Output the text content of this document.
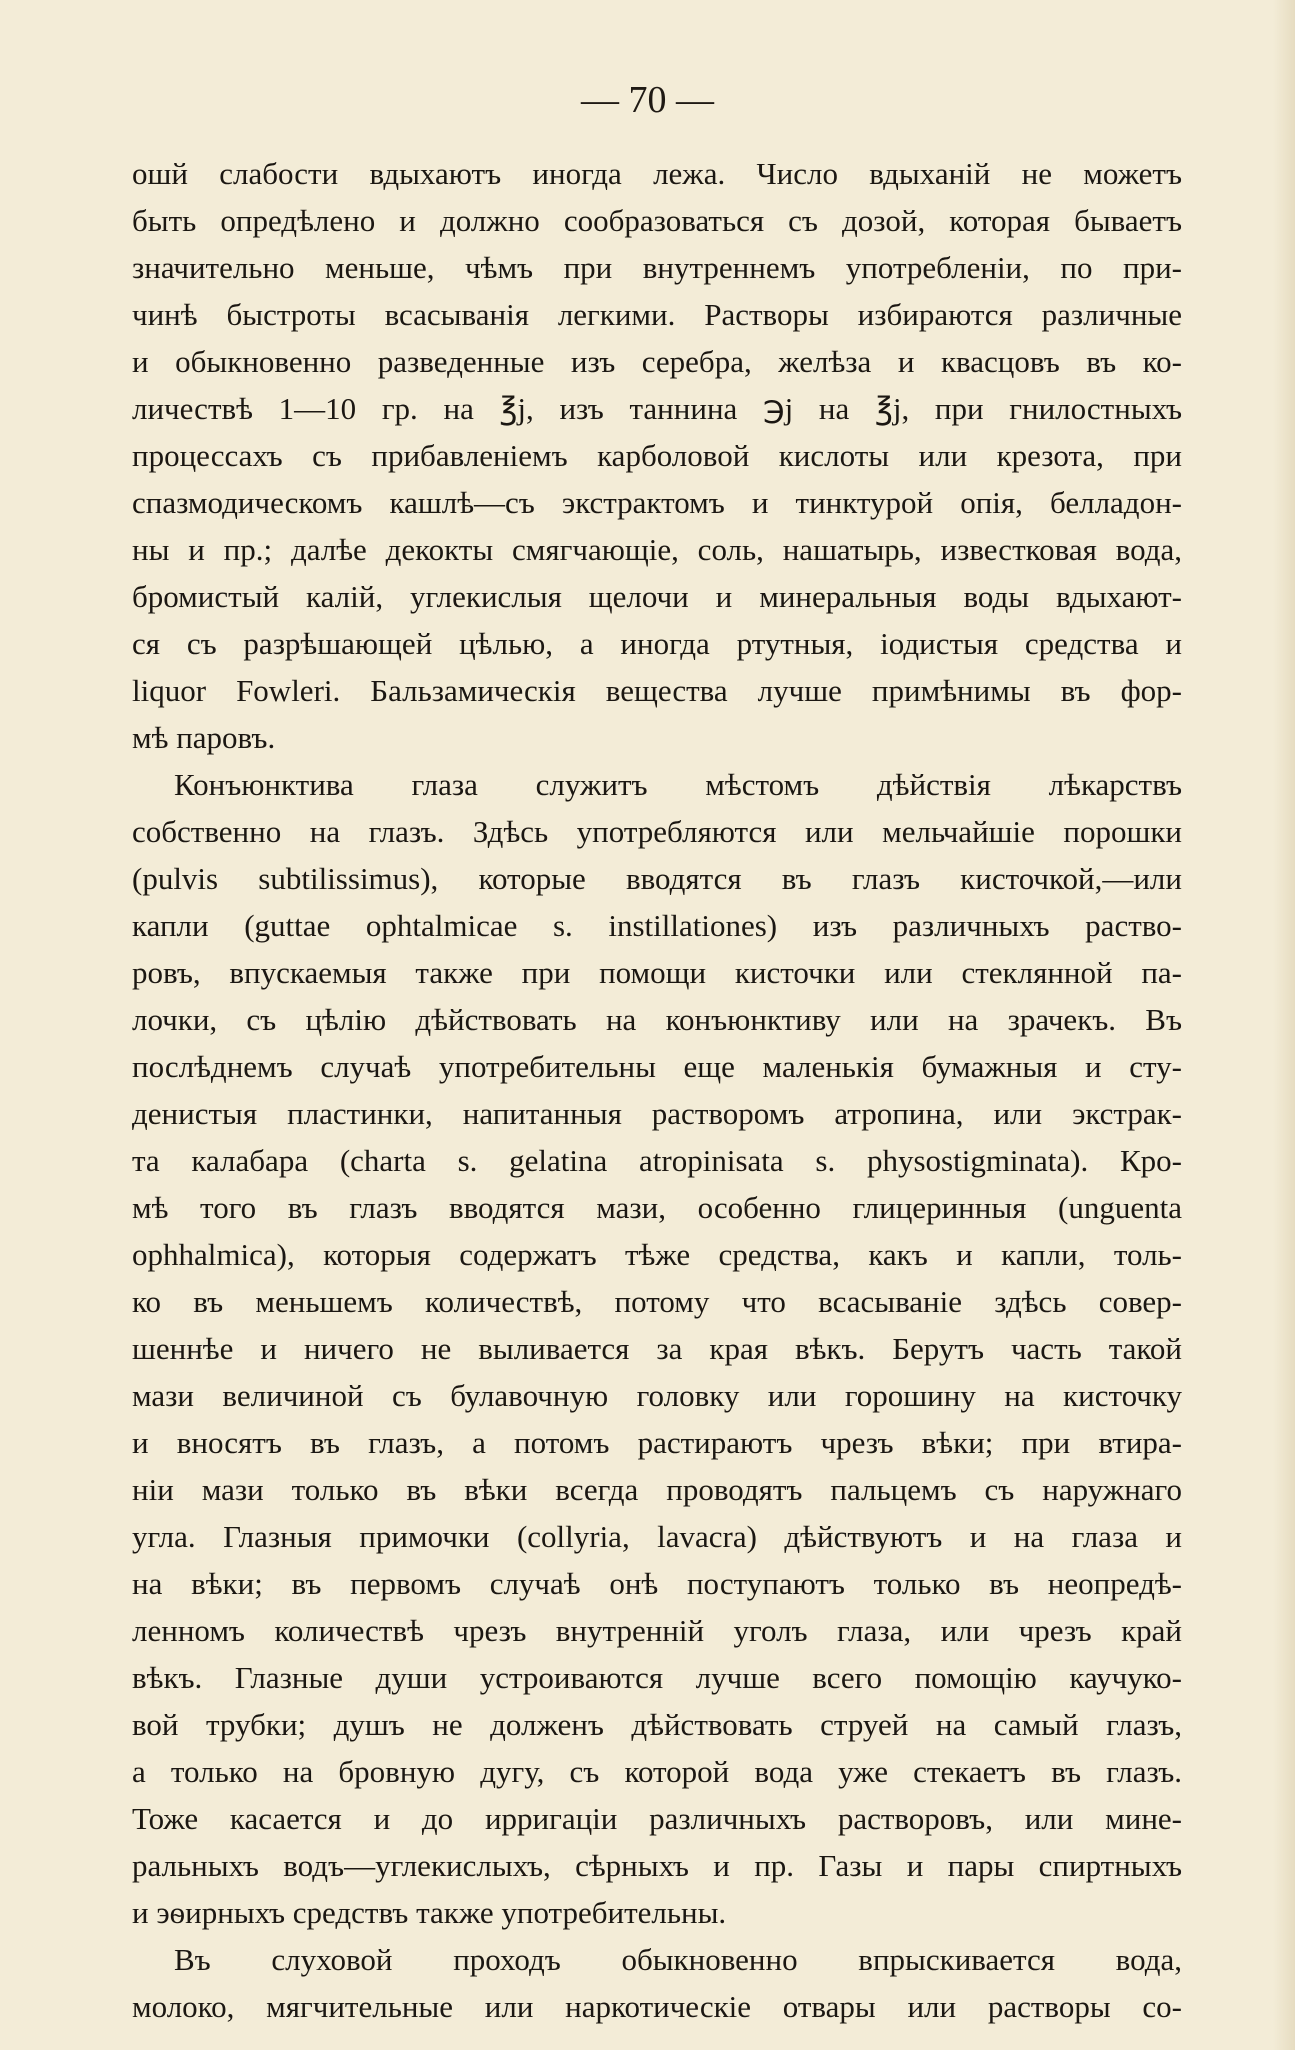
— 70 —
ошй слабости вдыхаютъ иногда лежа. Число вдыханій не можетъ
быть опредѣлено и должно сообразоваться съ дозой, которая бываетъ
значительно меньше, чѣмъ при внутреннемъ употребленіи, по при-
чинѣ быстроты всасыванія легкими. Растворы избираются различные
и обыкновенно разведенные изъ серебра, желѣза и квасцовъ въ ко-
личествѣ 1—10 гр. на ℥j, изъ таннина ℈j на ℥j, при гнилостныхъ
процессахъ съ прибавленіемъ карболовой кислоты или крезота, при
спазмодическомъ кашлѣ—съ экстрактомъ и тинктурой опія, белладон-
ны и пр.; далѣе декокты смягчающіе, соль, нашатырь, известковая вода,
бромистый калій, углекислыя щелочи и минеральныя воды вдыхают-
ся съ разрѣшающей цѣлью, а иногда ртутныя, іодистыя средства и
liquor Fowleri. Бальзамическія вещества лучше примѣнимы въ фор-
мѣ паровъ.
Конъюнктива глаза служитъ мѣстомъ дѣйствія лѣкарствъ
собственно на глазъ. Здѣсь употребляются или мельчайшіе порошки
(pulvis subtilissimus), которые вводятся въ глазъ кисточкой,—или
капли (guttae ophtalmicae s. instillationes) изъ различныхъ раство-
ровъ, впускаемыя также при помощи кисточки или стеклянной па-
лочки, съ цѣлію дѣйствовать на конъюнктиву или на зрачекъ. Въ
послѣднемъ случаѣ употребительны еще маленькія бумажныя и сту-
денистыя пластинки, напитанныя растворомъ атропина, или экстрак-
та калабара (charta s. gelatina atropinisata s. physostigminata). Кро-
мѣ того въ глазъ вводятся мази, особенно глицеринныя (unguenta
ophhalmica), которыя содержатъ тѣже средства, какъ и капли, толь-
ко въ меньшемъ количествѣ, потому что всасываніе здѣсь совер-
шеннѣе и ничего не выливается за края вѣкъ. Берутъ часть такой
мази величиной съ булавочную головку или горошину на кисточку
и вносятъ въ глазъ, а потомъ растираютъ чрезъ вѣки; при втира-
ніи мази только въ вѣки всегда проводятъ пальцемъ съ наружнаго
угла. Глазныя примочки (collyria, lavacra) дѣйствуютъ и на глаза и
на вѣки; въ первомъ случаѣ онѣ поступаютъ только въ неопредѣ-
ленномъ количествѣ чрезъ внутренній уголъ глаза, или чрезъ край
вѣкъ. Глазные души устроиваются лучше всего помощію каучуко-
вой трубки; душъ не долженъ дѣйствовать струей на самый глазъ,
а только на бровную дугу, съ которой вода уже стекаетъ въ глазъ.
Тоже касается и до ирригаціи различныхъ растворовъ, или мине-
ральныхъ водъ—углекислыхъ, сѣрныхъ и пр. Газы и пары спиртныхъ
и эѳирныхъ средствъ также употребительны.
Въ слуховой проходъ обыкновенно впрыскивается вода,
молоко, мягчительные или наркотическіе отвары или растворы со-
